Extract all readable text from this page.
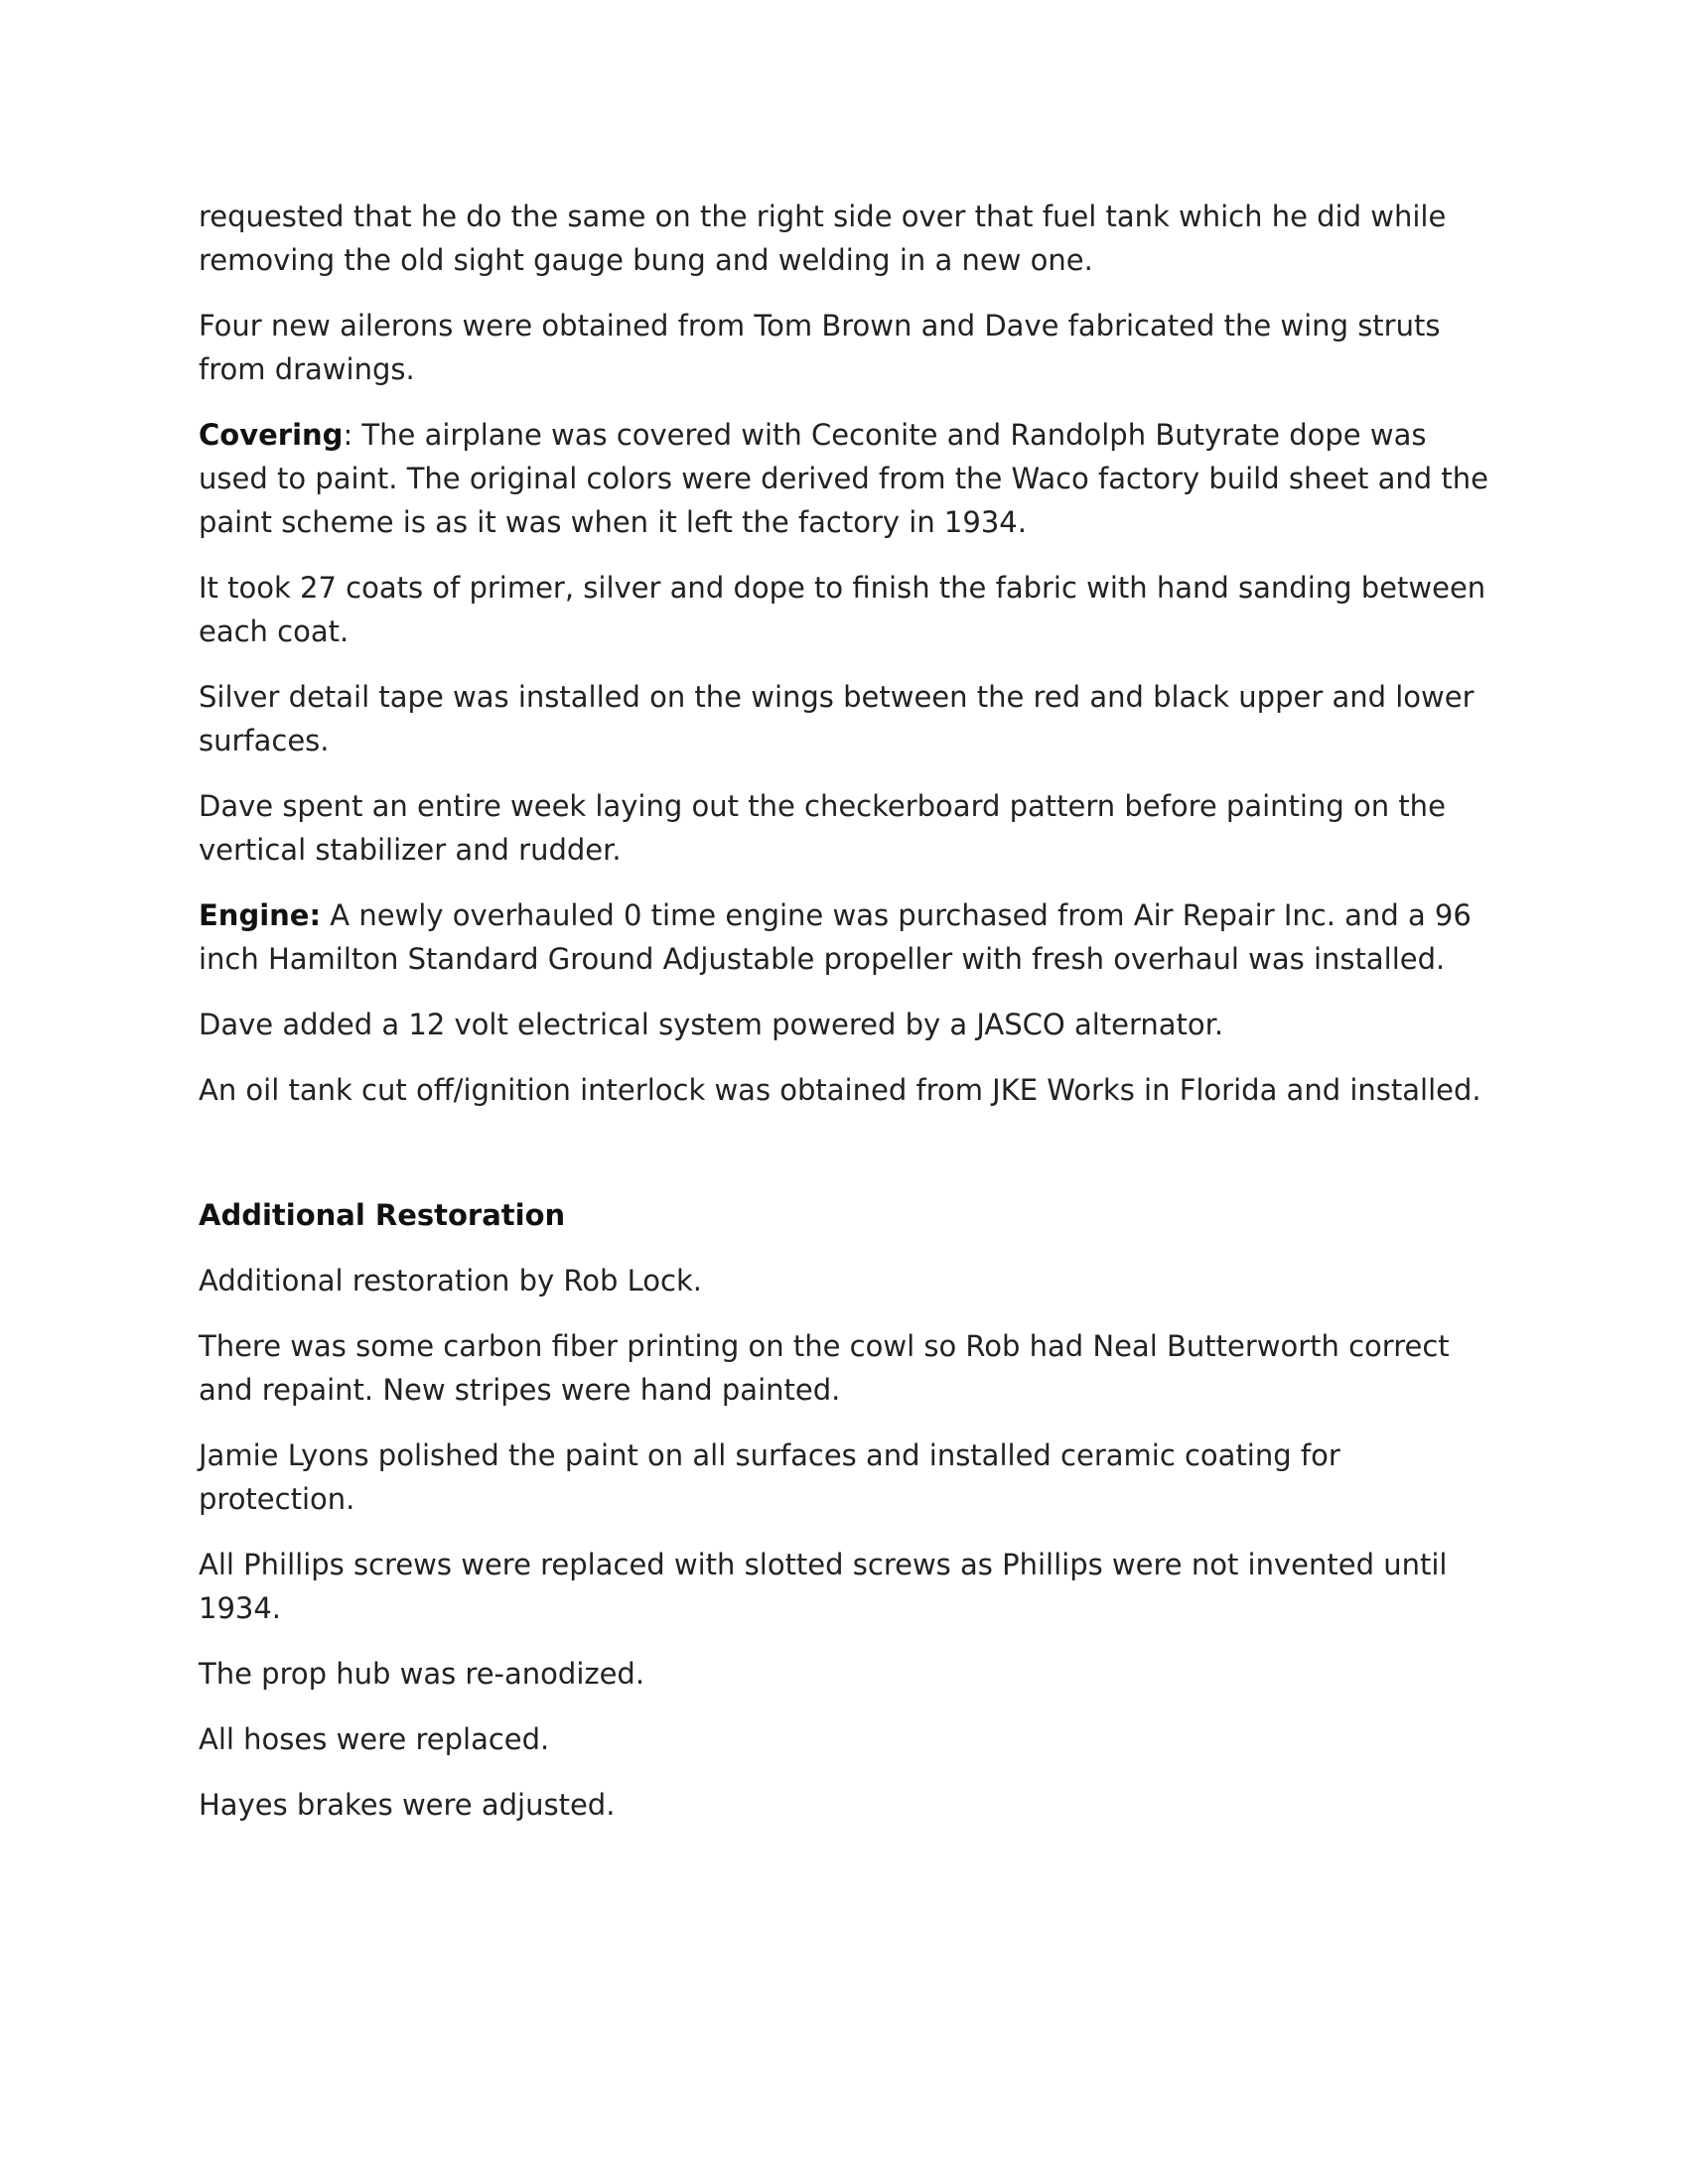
requested that he do the same on the right side over that fuel tank which he did while removing the old sight gauge bung and welding in a new one.

Four new ailerons were obtained from Tom Brown and Dave fabricated the wing struts from drawings.

Covering: The airplane was covered with Ceconite and Randolph Butyrate dope was used to paint. The original colors were derived from the Waco factory build sheet and the paint scheme is as it was when it left the factory in 1934.

It took 27 coats of primer, silver and dope to finish the fabric with hand sanding between each coat.

Silver detail tape was installed on the wings between the red and black upper and lower surfaces.

Dave spent an entire week laying out the checkerboard pattern before painting on the vertical stabilizer and rudder.

Engine: A newly overhauled 0 time engine was purchased from Air Repair Inc. and a 96 inch Hamilton Standard Ground Adjustable propeller with fresh overhaul was installed.

Dave added a 12 volt electrical system powered by a JASCO alternator.

An oil tank cut off/ignition interlock was obtained from JKE Works in Florida and installed.

Additional Restoration

Additional restoration by Rob Lock.

There was some carbon fiber printing on the cowl so Rob had Neal Butterworth correct and repaint. New stripes were hand painted.

Jamie Lyons polished the paint on all surfaces and installed ceramic coating for protection.

All Phillips screws were replaced with slotted screws as Phillips were not invented until 1934.

The prop hub was re-anodized.

All hoses were replaced.

Hayes brakes were adjusted.
